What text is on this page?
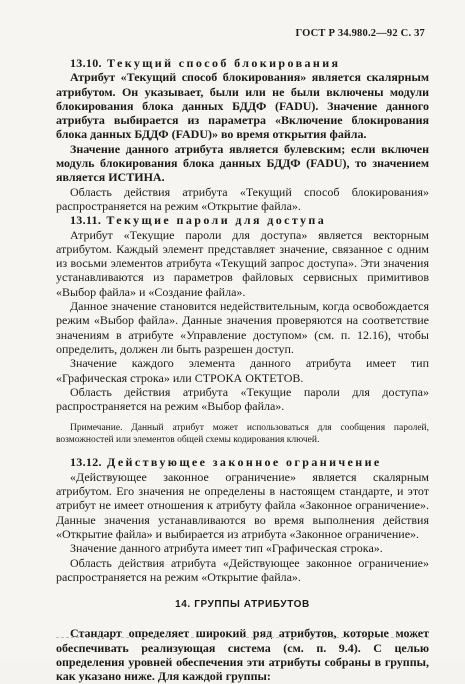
ГОСТ Р 34.980.2—92 С. 37

13.10. Текущий способ блокирования

Атрибут «Текущий способ блокирования» является скалярным атрибутом. Он указывает, были или не были включены модули блокирования блока данных БДДФ (FADU). Значение данного атрибута выбирается из параметра «Включение блокирования блока данных БДДФ (FADU)» во время открытия файла.

Значение данного атрибута является булевским; если включен модуль блокирования блока данных БДДФ (FADU), то значением является ИСТИНА.

Область действия атрибута «Текущий способ блокирования» распространяется на режим «Открытие файла».

13.11. Текущие пароли для доступа

Атрибут «Текущие пароли для доступа» является векторным атрибутом. Каждый элемент представляет значение, связанное с одним из восьми элементов атрибута «Текущий запрос доступа». Эти значения устанавливаются из параметров файловых сервисных примитивов «Выбор файла» и «Создание файла».

Данное значение становится недействительным, когда освобождается режим «Выбор файла». Данные значения проверяются на соответствие значениям в атрибуте «Управление доступом» (см. п. 12.16), чтобы определить, должен ли быть разрешен доступ.

Значение каждого элемента данного атрибута имеет тип «Графическая строка» или СТРОКА ОКТЕТОВ.

Область действия атрибута «Текущие пароли для доступа» распространяется на режим «Выбор файла».

Примечание. Данный атрибут может использоваться для сообщения паролей, возможностей или элементов общей схемы кодирования ключей.

13.12. Действующее законное ограничение

«Действующее законное ограничение» является скалярным атрибутом. Его значения не определены в настоящем стандарте, и этот атрибут не имеет отношения к атрибуту файла «Законное ограничение». Данные значения устанавливаются во время выполнения действия «Открытие файла» и выбирается из атрибута «Законное ограничение».

Значение данного атрибута имеет тип «Графическая строка».

Область действия атрибута «Действующее законное ограничение» распространяется на режим «Открытие файла».

14. ГРУППЫ АТРИБУТОВ

Стандарт определяет широкий ряд атрибутов, которые может обеспечивать реализующая система (см. п. 9.4). С целью определения уровней обеспечения эти атрибуты собраны в группы, как указано ниже. Для каждой группы:
